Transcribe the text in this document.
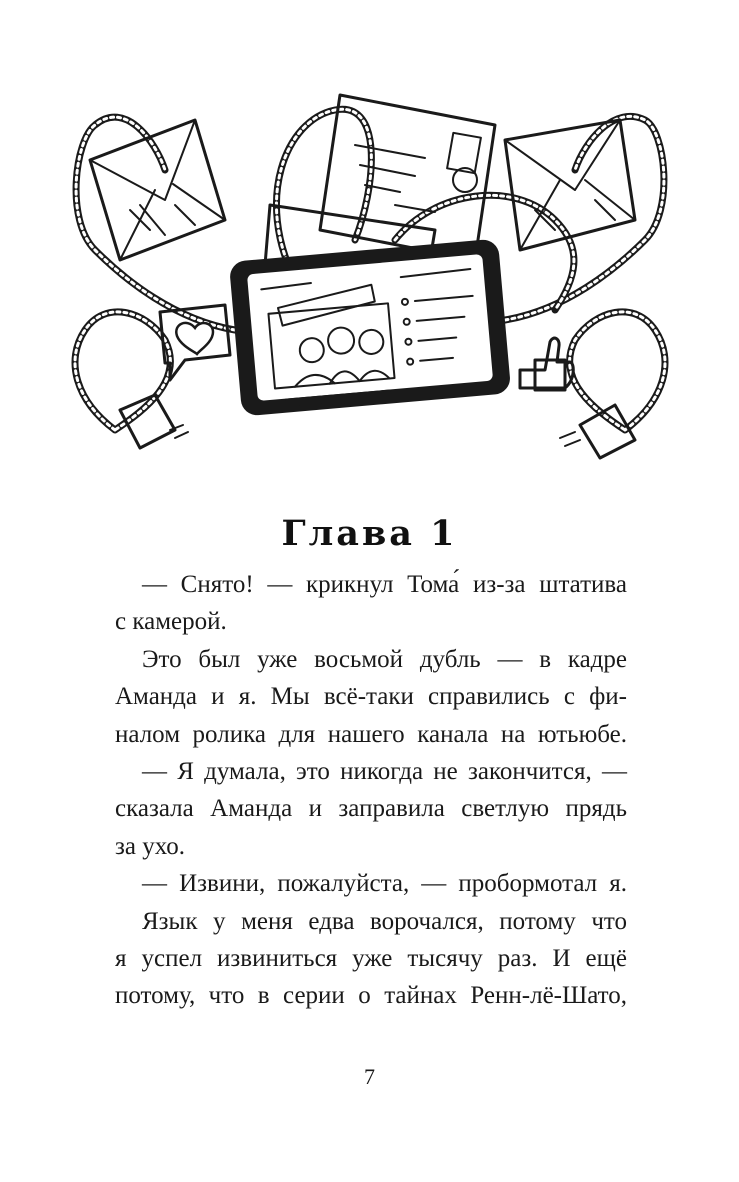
Глава 1
— Снято! — крикнул Тома́ из-за штатива
с камерой.
Это был уже восьмой дубль — в кадре
Аманда и я. Мы всё-таки справились с фи-
налом ролика для нашего канала на ютьюбе.
— Я думала, это никогда не закончится, —
сказала Аманда и заправила светлую прядь
за ухо.
— Извини, пожалуйста, — пробормотал я.
Язык у меня едва ворочался, потому что
я успел извиниться уже тысячу раз. И ещё
потому, что в серии о тайнах Ренн-лё-Шато,
7
